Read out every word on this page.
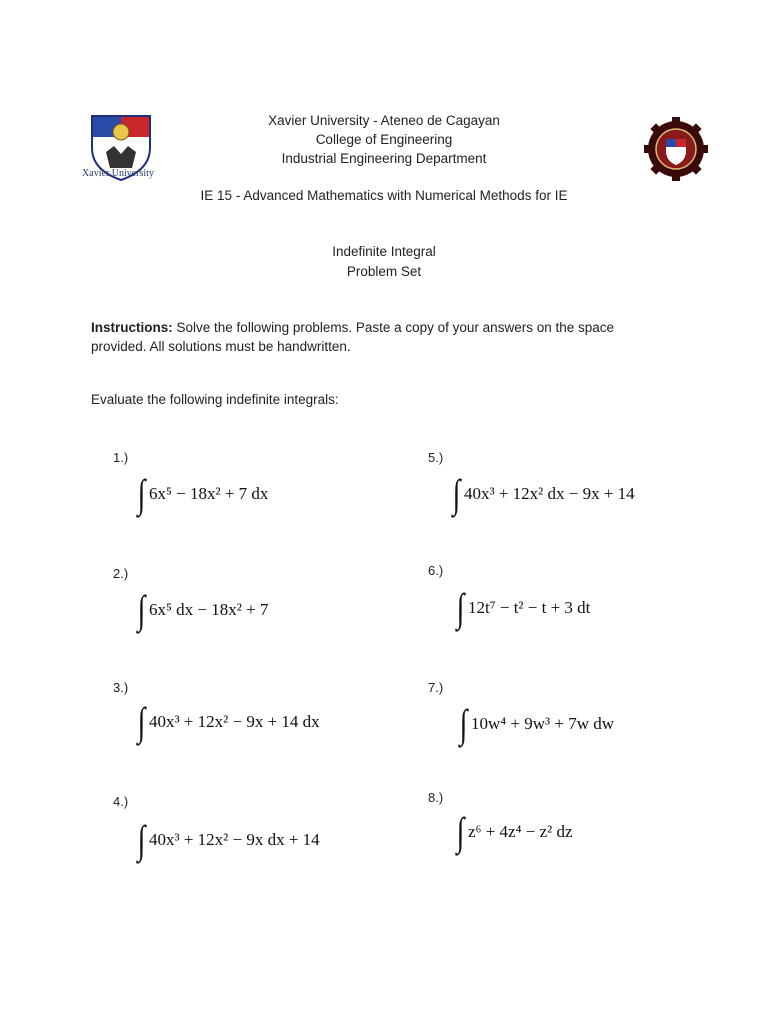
Xavier University
Xavier University - Ateneo de Cagayan
College of Engineering
Industrial Engineering Department
IE 15 - Advanced Mathematics with Numerical Methods for IE
Indefinite Integral
Problem Set
Instructions: Solve the following problems. Paste a copy of your answers on the space provided. All solutions must be handwritten.
Evaluate the following indefinite integrals:
1.)
∫ 6x⁵ − 18x² + 7 dx
2.)
∫ 6x⁵ dx − 18x² + 7
3.)
∫ 40x³ + 12x² − 9x + 14 dx
4.)
∫ 40x³ + 12x² − 9x dx + 14
5.)
∫ 40x³ + 12x² dx − 9x + 14
6.)
∫ 12t⁷ − t² − t + 3 dt
7.)
∫ 10w⁴ + 9w³ + 7w dw
8.)
∫ z⁶ + 4z⁴ − z² dz
